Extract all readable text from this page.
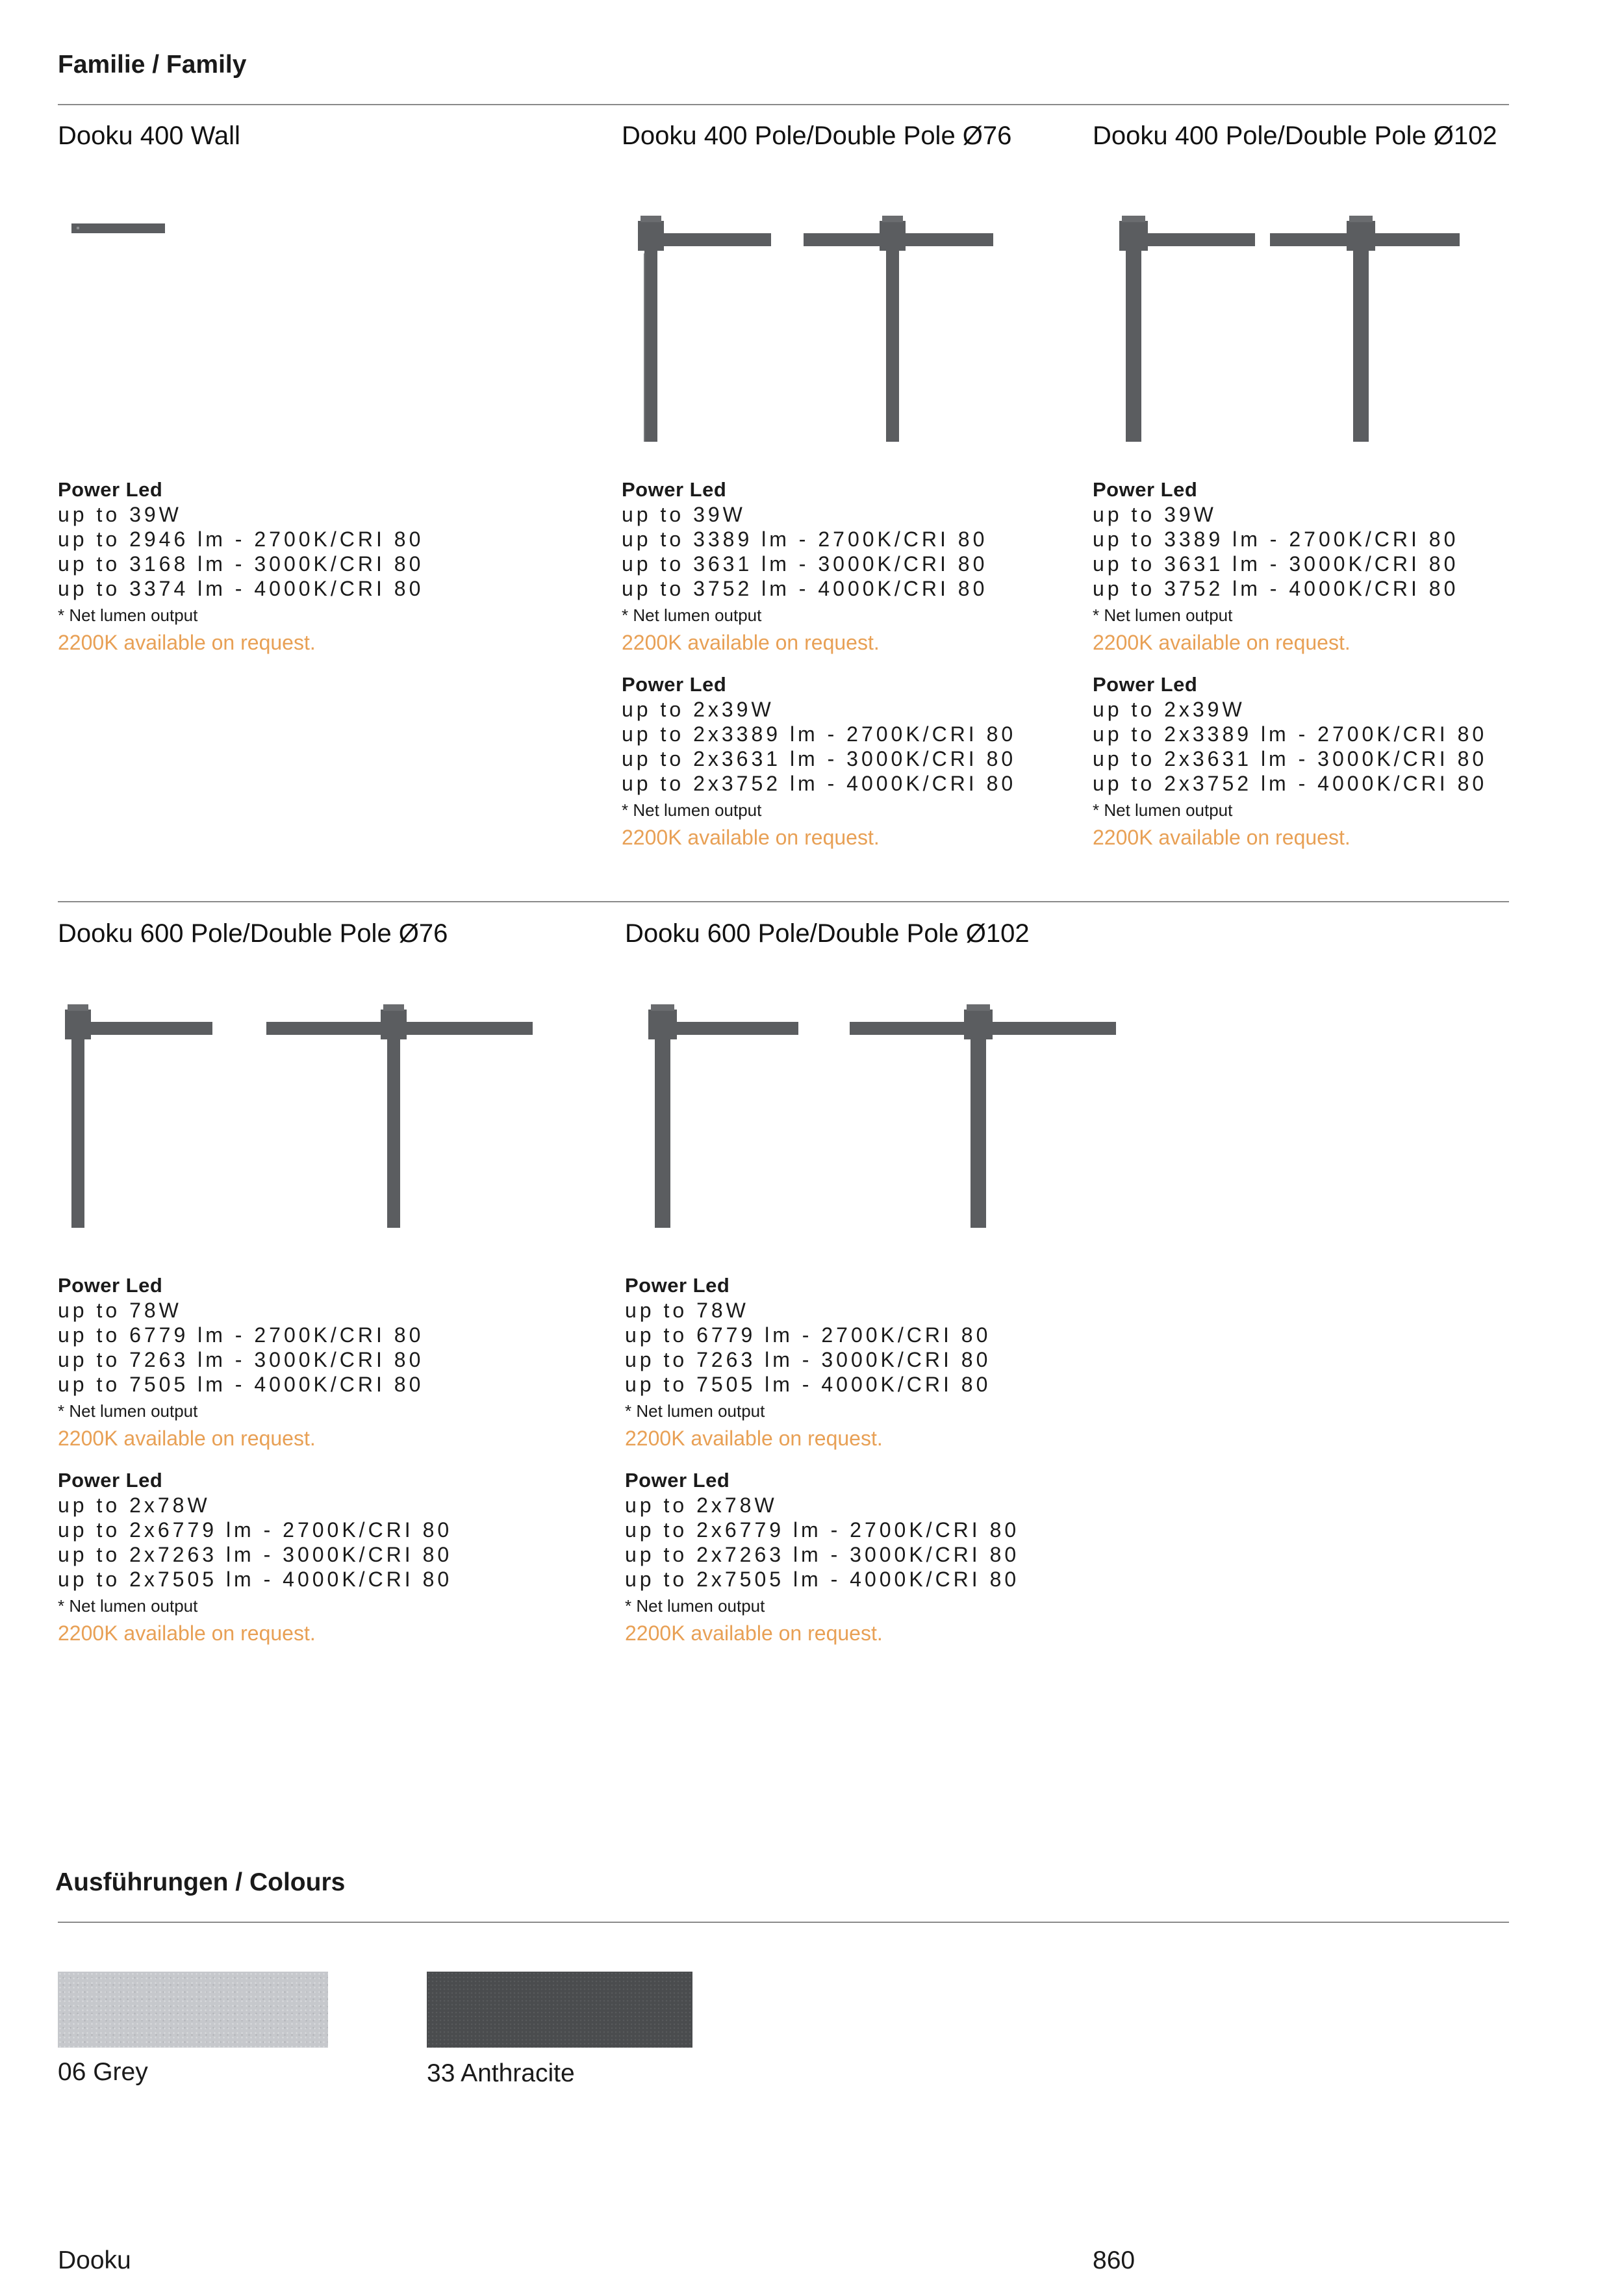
Familie / Family
Dooku 400 Wall	Dooku 400 Pole/Double Pole Ø76	Dooku 400 Pole/Double Pole Ø102
Power Led
up to 39W
up to 2946 lm - 2700K/CRI 80
up to 3168 lm - 3000K/CRI 80
up to 3374 lm - 4000K/CRI 80
* Net lumen output
2200K available on request.
Power Led
up to 39W
up to 3389 lm - 2700K/CRI 80
up to 3631 lm - 3000K/CRI 80
up to 3752 lm - 4000K/CRI 80
* Net lumen output
2200K available on request.
Power Led
up to 2x39W
up to 2x3389 lm - 2700K/CRI 80
up to 2x3631 lm - 3000K/CRI 80
up to 2x3752 lm - 4000K/CRI 80
* Net lumen output
2200K available on request.
Power Led
up to 39W
up to 3389 lm - 2700K/CRI 80
up to 3631 lm - 3000K/CRI 80
up to 3752 lm - 4000K/CRI 80
* Net lumen output
2200K available on request.
Power Led
up to 2x39W
up to 2x3389 lm - 2700K/CRI 80
up to 2x3631 lm - 3000K/CRI 80
up to 2x3752 lm - 4000K/CRI 80
* Net lumen output
2200K available on request.
Dooku 600 Pole/Double Pole Ø76	Dooku 600 Pole/Double Pole Ø102
Power Led
up to 78W
up to 6779 lm - 2700K/CRI 80
up to 7263 lm - 3000K/CRI 80
up to 7505 lm - 4000K/CRI 80
* Net lumen output
2200K available on request.
Power Led
up to 2x78W
up to 2x6779 lm - 2700K/CRI 80
up to 2x7263 lm - 3000K/CRI 80
up to 2x7505 lm - 4000K/CRI 80
* Net lumen output
2200K available on request.
Power Led
up to 78W
up to 6779 lm - 2700K/CRI 80
up to 7263 lm - 3000K/CRI 80
up to 7505 lm - 4000K/CRI 80
* Net lumen output
2200K available on request.
Power Led
up to 2x78W
up to 2x6779 lm - 2700K/CRI 80
up to 2x7263 lm - 3000K/CRI 80
up to 2x7505 lm - 4000K/CRI 80
* Net lumen output
2200K available on request.
Ausführungen / Colours
06 Grey	33 Anthracite
Dooku	860
